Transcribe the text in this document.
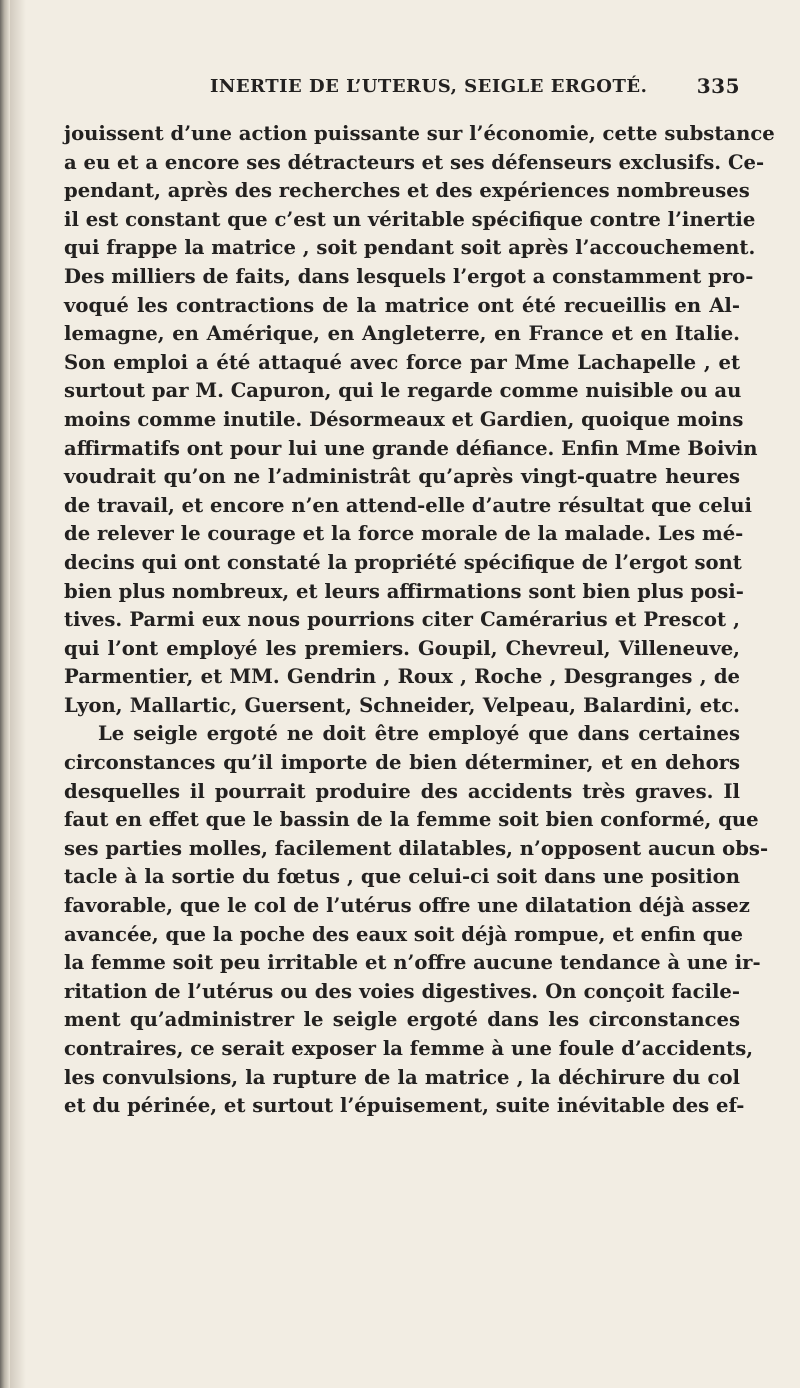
INERTIE DE L’UTERUS, SEIGLE ERGOTÉ. 335
jouissent d’une action puissante sur l’économie, cette substance
a eu et a encore ses détracteurs et ses défenseurs exclusifs. Ce-
pendant, après des recherches et des expériences nombreuses
il est constant que c’est un véritable spécifique contre l’inertie
qui frappe la matrice , soit pendant soit après l’accouchement.
Des milliers de faits, dans lesquels l’ergot a constamment pro-
voqué les contractions de la matrice ont été recueillis en Al-
lemagne, en Amérique, en Angleterre, en France et en Italie.
Son emploi a été attaqué avec force par Mme Lachapelle , et
surtout par M. Capuron, qui le regarde comme nuisible ou au
moins comme inutile. Désormeaux et Gardien, quoique moins
affirmatifs ont pour lui une grande défiance. Enfin Mme Boivin
voudrait qu’on ne l’administrât qu’après vingt-quatre heures
de travail, et encore n’en attend-elle d’autre résultat que celui
de relever le courage et la force morale de la malade. Les mé-
decins qui ont constaté la propriété spécifique de l’ergot sont
bien plus nombreux, et leurs affirmations sont bien plus posi-
tives. Parmi eux nous pourrions citer Camérarius et Prescot ,
qui l’ont employé les premiers. Goupil, Chevreul, Villeneuve,
Parmentier, et MM. Gendrin , Roux , Roche , Desgranges , de
Lyon, Mallartic, Guersent, Schneider, Velpeau, Balardini, etc.
Le seigle ergoté ne doit être employé que dans certaines
circonstances qu’il importe de bien déterminer, et en dehors
desquelles il pourrait produire des accidents très graves. Il
faut en effet que le bassin de la femme soit bien conformé, que
ses parties molles, facilement dilatables, n’opposent aucun obs-
tacle à la sortie du fœtus , que celui-ci soit dans une position
favorable, que le col de l’utérus offre une dilatation déjà assez
avancée, que la poche des eaux soit déjà rompue, et enfin que
la femme soit peu irritable et n’offre aucune tendance à une ir-
ritation de l’utérus ou des voies digestives. On conçoit facile-
ment qu’administrer le seigle ergoté dans les circonstances
contraires, ce serait exposer la femme à une foule d’accidents,
les convulsions, la rupture de la matrice , la déchirure du col
et du périnée, et surtout l’épuisement, suite inévitable des ef-
